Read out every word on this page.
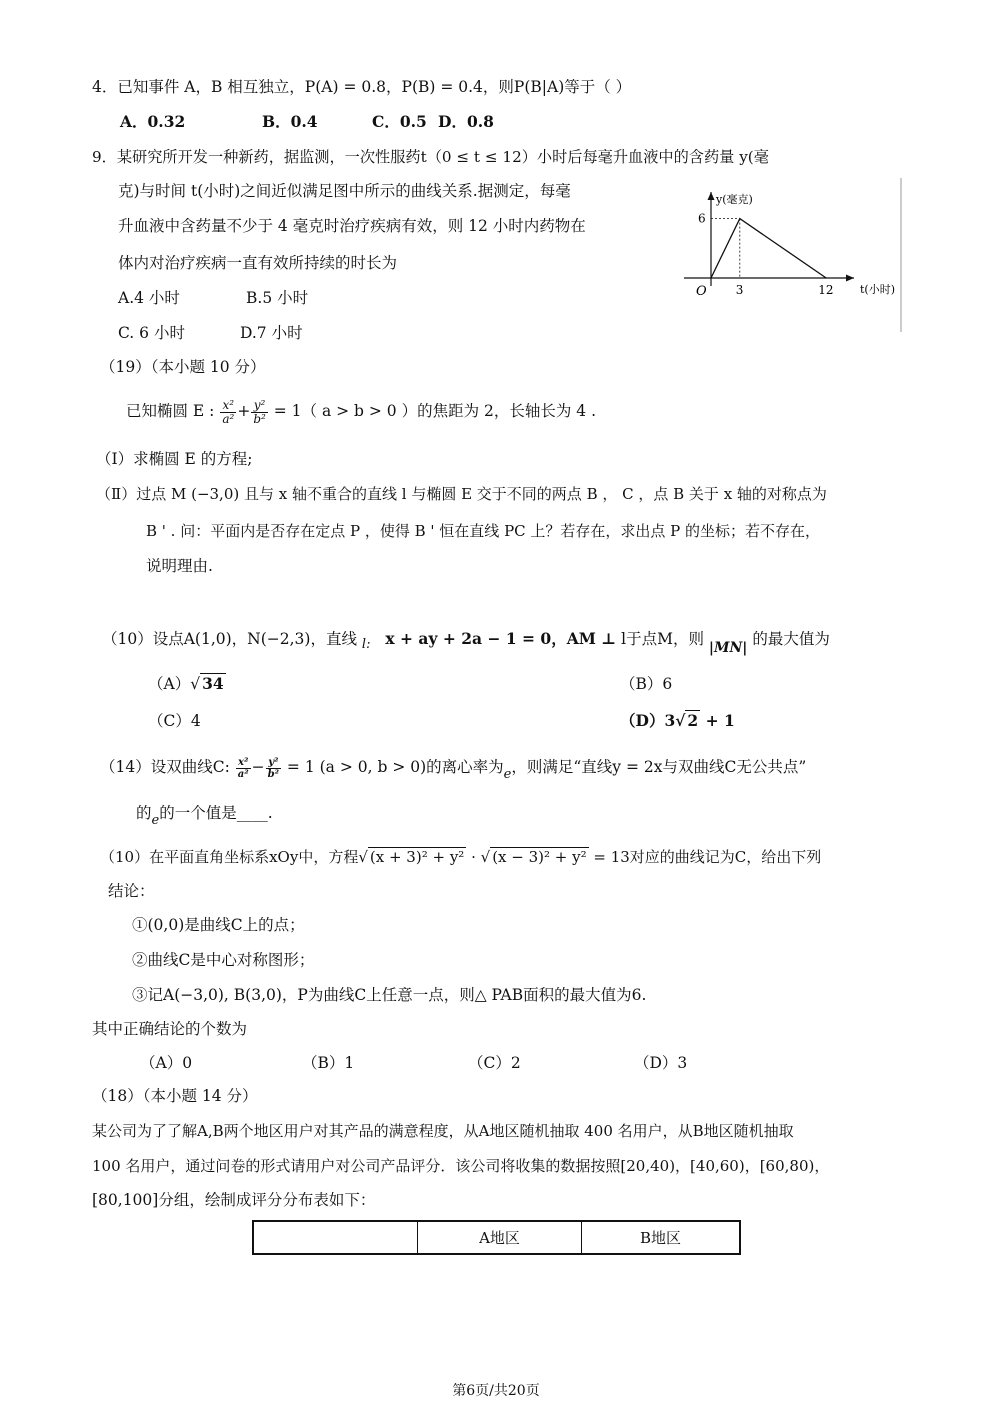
4．已知事件 A，B 相互独立，P(A) = 0.8，P(B) = 0.4，则P(B|A)等于（ ）
A．0.32	B．0.4	C．0.5 D．0.8
9．某研究所开发一种新药，据监测，一次性服药t（0 ≤ t ≤ 12）小时后每毫升血液中的含药量 y(毫
克)与时间 t(小时)之间近似满足图中所示的曲线关系.据测定，每毫
升血液中含药量不少于 4 毫克时治疗疾病有效，则 12 小时内药物在
体内对治疗疾病一直有效所持续的时长为
A.4 小时	B.5 小时
C. 6 小时	D.7 小时
y(毫克)
t(小时)
O
6
3	12
（19）（本小题 10 分）
已知椭圆 E : $\frac{\text{x²}}{\text{a²}} + \frac{\text{y²}}{\text{b²}} = 1$（ a > b > 0 ）的焦距为 2，长轴长为 4 .
（Ⅰ）求椭圆 E 的方程;
（Ⅱ）过点 M (−3,0) 且与 x 轴不重合的直线 l 与椭圆 E 交于不同的两点 B ， C ，点 B 关于 x 轴的对称点为
B ' . 问：平面内是否存在定点 P ，使得 B ' 恒在直线 PC 上？若存在，求出点 P 的坐标；若不存在，
说明理由.
（10）设点A(1,0)，N(−2,3)，直线 $_{l:}$ x + ay + 2a − 1 = 0，AM ⊥ l于点M，则 |MN| 的最大值为
（A）√ 34	（B）6
（C）4	（D）3√ 2 + 1
（14）设双曲线C: $\frac{\text{x²}}{\text{a²}} - \frac{\text{y²}}{\text{b²}} = 1$ (a > 0, b > 0)的离心率为$_e$，则满足“直线y = 2x与双曲线C无公共点”
的$_e$的一个值是____.
（10）在平面直角坐标系xOy中，方程√ (x + 3)² + y² · √ (x − 3)² + y² = 13对应的曲线记为C，给出下列
结论：
①(0,0)是曲线C上的点；
②曲线C是中心对称图形；
③记A(−3,0), B(3,0)，P为曲线C上任意一点，则△ PAB面积的最大值为6.
其中正确结论的个数为
（A）0	（B）1	（C）2	（D）3
（18）（本小题 14 分）
某公司为了了解A,B两个地区用户对其产品的满意程度，从A地区随机抽取 400 名用户，从B地区随机抽取
100 名用户，通过问卷的形式请用户对公司产品评分．该公司将收集的数据按照[20,40)，[40,60)，[60,80)，
[80,100]分组，绘制成评分分布表如下：
	A地区	B地区
第6页/共20页
